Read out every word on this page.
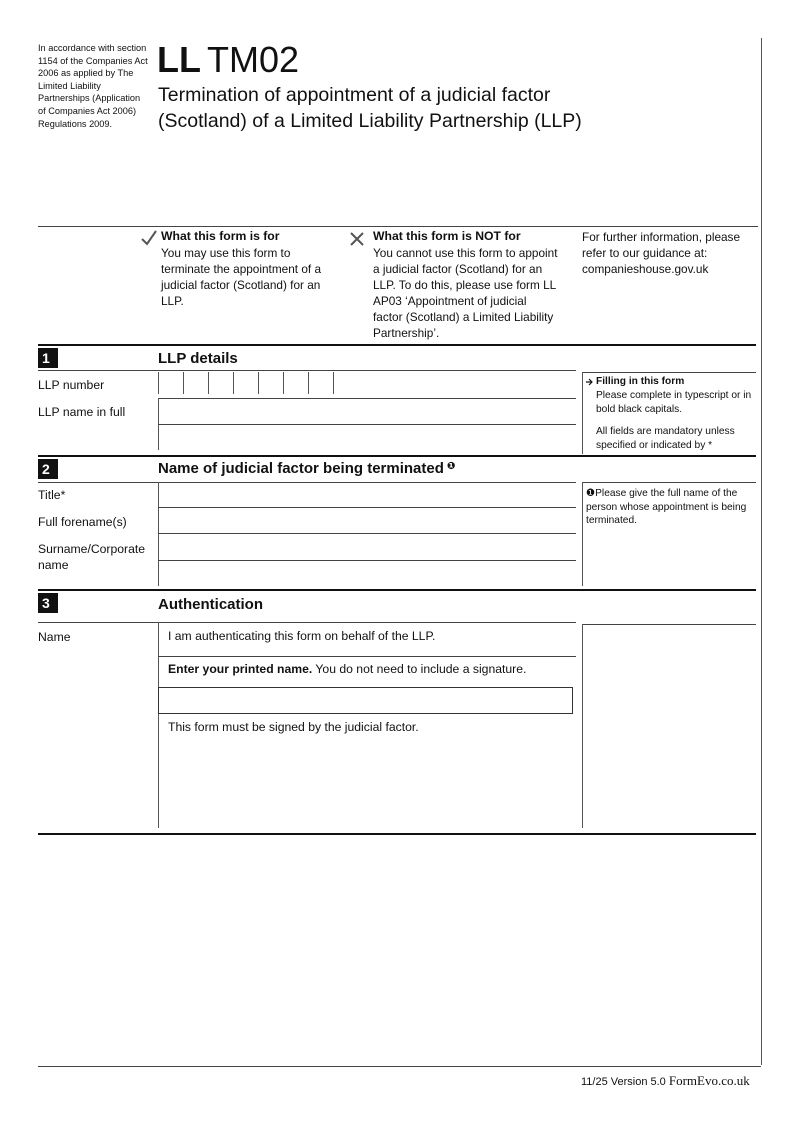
In accordance with section 1154 of the Companies Act 2006 as applied by The Limited Liability Partnerships (Application of Companies Act 2006) Regulations 2009.
LL TM02
Termination of appointment of a judicial factor
(Scotland) of a Limited Liability Partnership (LLP)
What this form is for
You may use this form to terminate the appointment of a judicial factor (Scotland) for an LLP.
What this form is NOT for
You cannot use this form to appoint a judicial factor (Scotland) for an LLP. To do this, please use form LL AP03 ‘Appointment of judicial factor (Scotland) a Limited Liability Partnership’.
For further information, please refer to our guidance at: companieshouse.gov.uk
1	LLP details
LLP number
LLP name in full
Filling in this form
Please complete in typescript or in bold black capitals.
All fields are mandatory unless specified or indicated by *
2	Name of judicial factor being terminated $^❶$
Title*
Full forename(s)
Surname/Corporate
name
❶Please give the full name of the person whose appointment is being terminated.
3	Authentication
Name	I am authenticating this form on behalf of the LLP.
Enter your printed name. You do not need to include a signature.
This form must be signed by the judicial factor.
11/25 Version 5.0 FormEvo.co.uk
